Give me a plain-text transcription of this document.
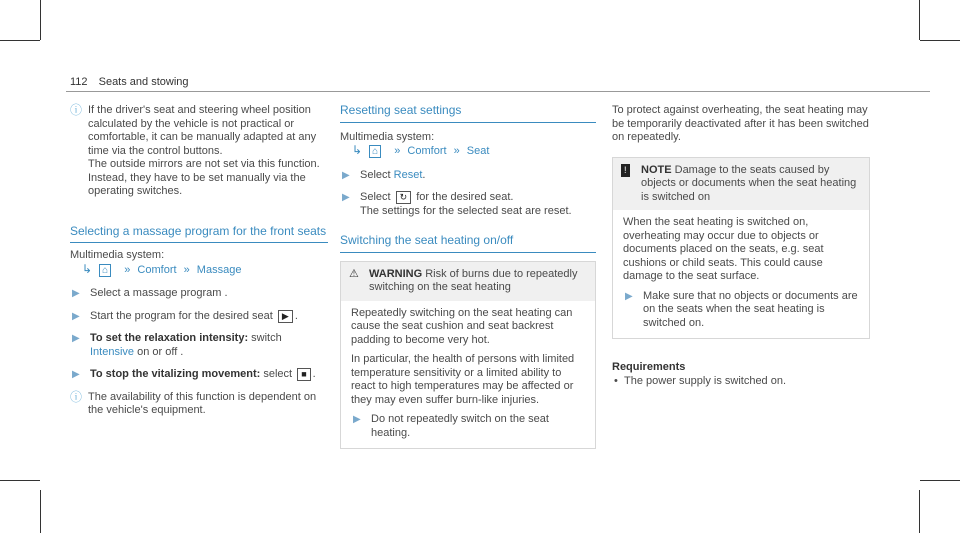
112 Seats and stowing
ⓘ If the driver's seat and steering wheel position calculated by the vehicle is not practical or comfortable, it can be manually adapted at any time via the control buttons.
The outside mirrors are not set via this function. Instead, they have to be set manually via the operating switches.
Selecting a massage program for the front seats
Multimedia system:
↳ ⌂ » Comfort » Massage
▶ Select a massage program .
▶ Start the program for the desired seat ▶ .
▶ To set the relaxation intensity: switch Intensive on or off .
▶ To stop the vitalizing movement: select ■ .
ⓘ The availability of this function is dependent on the vehicle's equipment.
Resetting seat settings
Multimedia system:
↳ ⌂ » Comfort » Seat
▶ Select Reset.
▶ Select ↻ for the desired seat.
The settings for the selected seat are reset.
Switching the seat heating on/off
⚠ WARNING Risk of burns due to repeatedly switching on the seat heating

Repeatedly switching on the seat heating can cause the seat cushion and seat backrest padding to become very hot.

In particular, the health of persons with limited temperature sensitivity or a limited ability to react to high temperatures may be affected or they may even suffer burn-like injuries.

▶ Do not repeatedly switch on the seat heating.
To protect against overheating, the seat heating may be temporarily deactivated after it has been switched on repeatedly.
! NOTE Damage to the seats caused by objects or documents when the seat heating is switched on

When the seat heating is switched on, overheating may occur due to objects or documents placed on the seats, e.g. seat cushions or child seats. This could cause damage to the seat surface.

▶ Make sure that no objects or documents are on the seats when the seat heating is switched on.
Requirements
• The power supply is switched on.
